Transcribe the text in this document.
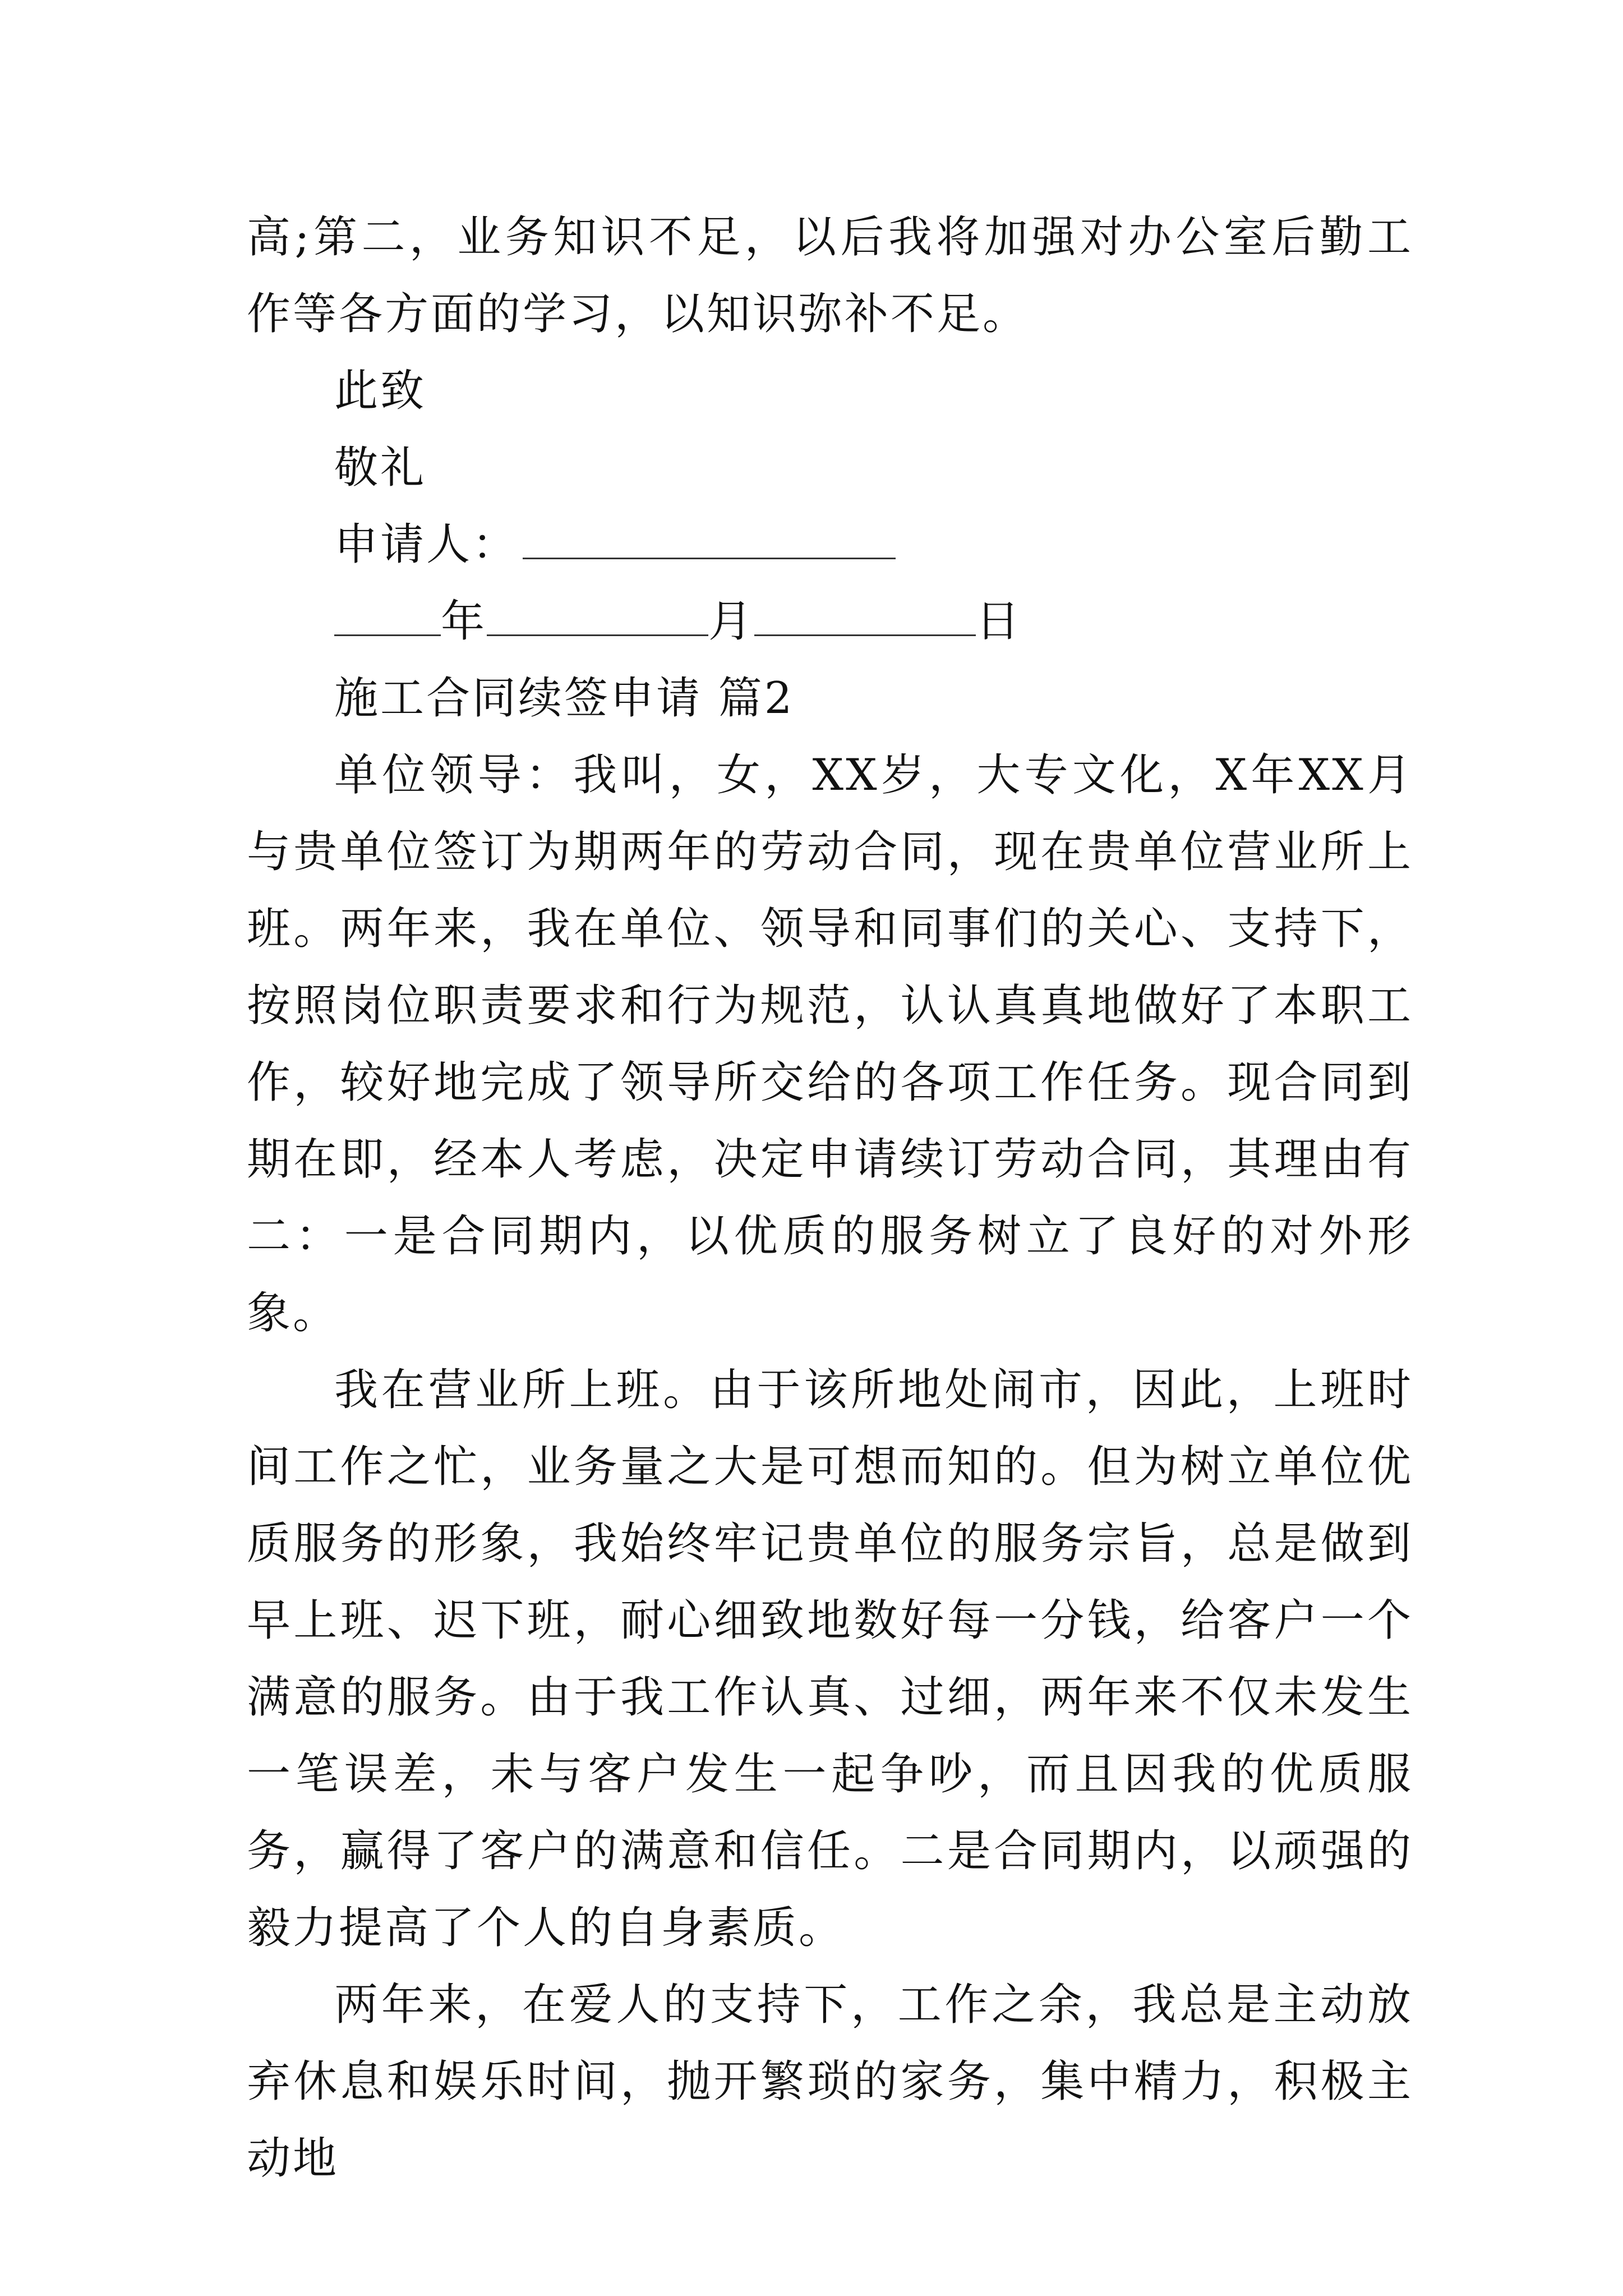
高;第二，业务知识不足，以后我将加强对办公室后勤工作等各方面的学习，以知识弥补不足。

此致

敬礼

申请人：

年	月	日

施工合同续签申请 篇2

单位领导：我叫，女，XX岁，大专文化，X年XX月与贵单位签订为期两年的劳动合同，现在贵单位营业所上班。两年来，我在单位、领导和同事们的关心、支持下，按照岗位职责要求和行为规范，认认真真地做好了本职工作，较好地完成了领导所交给的各项工作任务。现合同到期在即，经本人考虑，决定申请续订劳动合同，其理由有二：一是合同期内，以优质的服务树立了良好的对外形象。

我在营业所上班。由于该所地处闹市，因此，上班时间工作之忙，业务量之大是可想而知的。但为树立单位优质服务的形象，我始终牢记贵单位的服务宗旨，总是做到早上班、迟下班，耐心细致地数好每一分钱，给客户一个满意的服务。由于我工作认真、过细，两年来不仅未发生一笔误差，未与客户发生一起争吵，而且因我的优质服务，赢得了客户的满意和信任。二是合同期内，以顽强的毅力提高了个人的自身素质。

两年来，在爱人的支持下，工作之余，我总是主动放弃休息和娱乐时间，抛开繁琐的家务，集中精力，积极主动地
